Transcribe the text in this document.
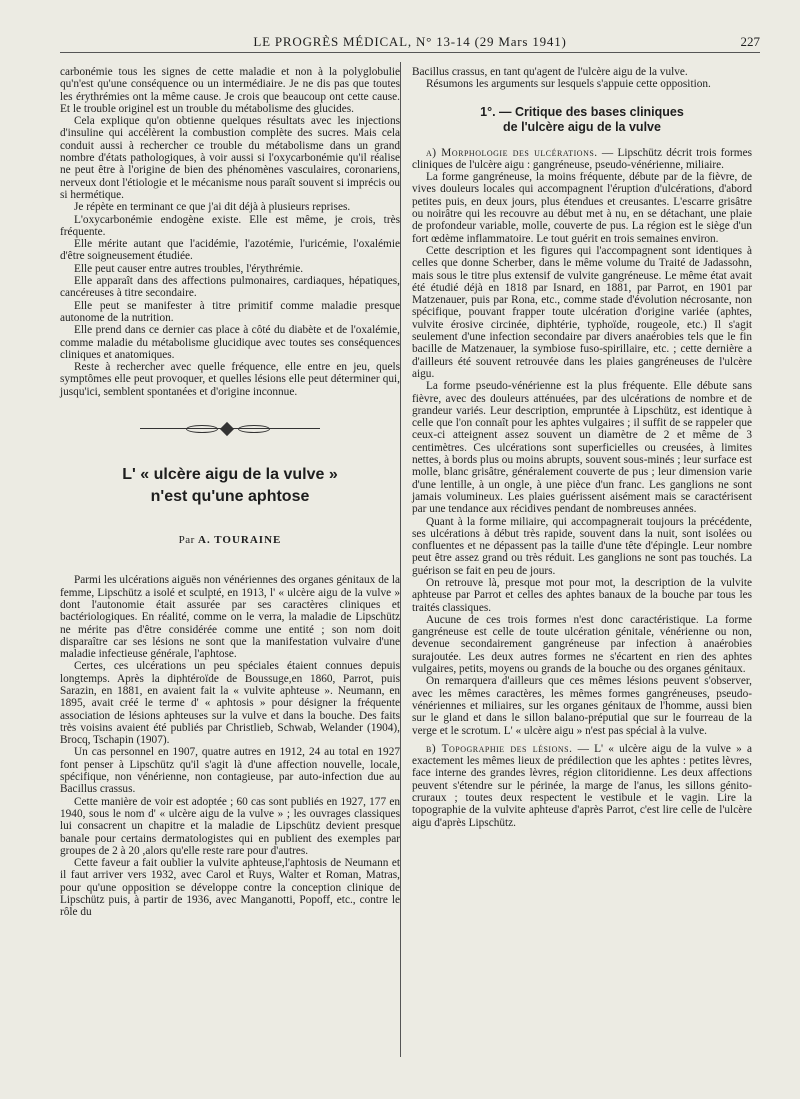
LE PROGRÈS MÉDICAL, N° 13-14 (29 Mars 1941)	227

carbonémie tous les signes de cette maladie et non à la polyglobulie qu'n'est qu'une conséquence ou un intermédiaire. Je ne dis pas que toutes les érythrémies ont la même cause. Je crois que beaucoup ont cette cause. Et le trouble originel est un trouble du métabolisme des glucides.

Cela explique qu'on obtienne quelques résultats avec les injections d'insuline qui accélèrent la combustion complète des sucres. Mais cela conduit aussi à rechercher ce trouble du métabolisme dans un grand nombre d'états pathologiques, à voir aussi si l'oxycarbonémie qu'il réalise ne peut être à l'origine de bien des phénomènes vasculaires, coronariens, nerveux dont l'étiologie et le mécanisme nous paraît souvent si imprécis ou si hermétique.

Je répète en terminant ce que j'ai dit déjà à plusieurs reprises.

L'oxycarbonémie endogène existe. Elle est même, je crois, très fréquente.

Elle mérite autant que l'acidémie, l'azotémie, l'uricémie, l'oxalémie d'être soigneusement étudiée.

Elle peut causer entre autres troubles, l'érythrémie.

Elle apparaît dans des affections pulmonaires, cardiaques, hépatiques, cancéreuses à titre secondaire.

Elle peut se manifester à titre primitif comme maladie presque autonome de la nutrition.

Elle prend dans ce dernier cas place à côté du diabète et de l'oxalémie, comme maladie du métabolisme glucidique avec toutes ses conséquences cliniques et anatomiques.

Reste à rechercher avec quelle fréquence, elle entre en jeu, quels symptômes elle peut provoquer, et quelles lésions elle peut déterminer qui, jusqu'ici, semblent spontanées et d'origine inconnue.

L' « ulcère aigu de la vulve »
n'est qu'une aphtose
Par A. TOURAINE

Parmi les ulcérations aiguës non vénériennes des organes génitaux de la femme, Lipschütz a isolé et sculpté, en 1913, l' « ulcère aigu de la vulve » dont l'autonomie était assurée par ses caractères cliniques et bactériologiques. En réalité, comme on le verra, la maladie de Lipschütz ne mérite pas d'être considérée comme une entité ; son nom doit disparaître car ses lésions ne sont que la manifestation vulvaire d'une maladie infectieuse générale, l'aphtose.

Certes, ces ulcérations un peu spéciales étaient connues depuis longtemps. Après la diphtéroïde de Boussuge,en 1860, Parrot, puis Sarazin, en 1881, en avaient fait la « vulvite aphteuse ». Neumann, en 1895, avait créé le terme d' « aphtosis » pour désigner la fréquente association de lésions aphteuses sur la vulve et dans la bouche. Des faits très voisins avaient été publiés par Christlieb, Schwab, Welander (1904), Brocq, Tschapin (1907).

Un cas personnel en 1907, quatre autres en 1912, 24 au total en 1927 font penser à Lipschütz qu'il s'agit là d'une affection nouvelle, locale, spécifique, non vénérienne, non contagieuse, par auto-infection due au Bacillus crassus.

Cette manière de voir est adoptée ; 60 cas sont publiés en 1927, 177 en 1940, sous le nom d' « ulcère aigu de la vulve » ; les ouvrages classiques lui consacrent un chapitre et la maladie de Lipschütz devient presque banale pour certains dermatologistes qui en publient des exemples par groupes de 2 à 20 ,alors qu'elle reste rare pour d'autres.

Cette faveur a fait oublier la vulvite aphteuse,l'aphtosis de Neumann et il faut arriver vers 1932, avec Carol et Ruys, Walter et Roman, Matras, pour qu'une opposition se développe contre la conception clinique de Lipschütz puis, à partir de 1936, avec Manganotti, Popoff, etc., contre le rôle du

Bacillus crassus, en tant qu'agent de l'ulcère aigu de la vulve.

Résumons les arguments sur lesquels s'appuie cette opposition.

1°. — Critique des bases cliniques
de l'ulcère aigu de la vulve

a) Morphologie des ulcérations. — Lipschütz décrit trois formes cliniques de l'ulcère aigu : gangréneuse, pseudo-vénérienne, miliaire.

La forme gangréneuse, la moins fréquente, débute par de la fièvre, de vives douleurs locales qui accompagnent l'éruption d'ulcérations, d'abord petites puis, en deux jours, plus étendues et creusantes. L'escarre grisâtre ou noirâtre qui les recouvre au début met à nu, en se détachant, une plaie de profondeur variable, molle, couverte de pus. La région est le siège d'un fort œdème inflammatoire. Le tout guérit en trois semaines environ.

Cette description et les figures qui l'accompagnent sont identiques à celles que donne Scherber, dans le même volume du Traité de Jadassohn, mais sous le titre plus extensif de vulvite gangréneuse. Le même état avait été étudié déjà en 1818 par Isnard, en 1881, par Parrot, en 1901 par Matzenauer, puis par Rona, etc., comme stade d'évolution nécrosante, non spécifique, pouvant frapper toute ulcération d'origine variée (aphtes, vulvite érosive circinée, diphtérie, typhoïde, rougeole, etc.) Il s'agit seulement d'une infection secondaire par divers anaérobies tels que le fin bacille de Matzenauer, la symbiose fuso-spirillaire, etc. ; cette dernière a d'ailleurs été souvent retrouvée dans les plaies gangréneuses de l'ulcère aigu.

La forme pseudo-vénérienne est la plus fréquente. Elle débute sans fièvre, avec des douleurs atténuées, par des ulcérations de nombre et de grandeur variés. Leur description, empruntée à Lipschütz, est identique à celle que l'on connaît pour les aphtes vulgaires ; il suffit de se rappeler que ceux-ci atteignent assez souvent un diamètre de 2 et même de 3 centimètres. Ces ulcérations sont superficielles ou creusées, à limites nettes, à bords plus ou moins abrupts, souvent sous-minés ; leur surface est molle, blanc grisâtre, généralement couverte de pus ; leur dimension varie d'une lentille, à un ongle, à une pièce d'un franc. Les ganglions ne sont jamais volumineux. Les plaies guérissent aisément mais se caractérisent par une tendance aux récidives pendant de nombreuses années.

Quant à la forme miliaire, qui accompagnerait toujours la précédente, ses ulcérations à début très rapide, souvent dans la nuit, sont isolées ou confluentes et ne dépassent pas la taille d'une tête d'épingle. Leur nombre peut être assez grand ou très réduit. Les ganglions ne sont pas touchés. La guérison se fait en peu de jours.

On retrouve là, presque mot pour mot, la description de la vulvite aphteuse par Parrot et celles des aphtes banaux de la bouche par tous les traités classiques.

Aucune de ces trois formes n'est donc caractéristique. La forme gangréneuse est celle de toute ulcération génitale, vénérienne ou non, devenue secondairement gangréneuse par infection à anaérobies surajoutée. Les deux autres formes ne s'écartent en rien des aphtes vulgaires, petits, moyens ou grands de la bouche ou des organes génitaux.

On remarquera d'ailleurs que ces mêmes lésions peuvent s'observer, avec les mêmes caractères, les mêmes formes gangréneuses, pseudo-vénériennes et miliaires, sur les organes génitaux de l'homme, aussi bien sur le gland et dans le sillon balano-préputial que sur le fourreau de la verge et le scrotum. L' « ulcère aigu » n'est pas spécial à la vulve.

b) Topographie des lésions. — L' « ulcère aigu de la vulve » a exactement les mêmes lieux de prédilection que les aphtes : petites lèvres, face interne des grandes lèvres, région clitoridienne. Les deux affections peuvent s'étendre sur le périnée, la marge de l'anus, les sillons génito-cruraux ; toutes deux respectent le vestibule et le vagin. Lire la topographie de la vulvite aphteuse d'après Parrot, c'est lire celle de l'ulcère aigu d'après Lipschütz.
